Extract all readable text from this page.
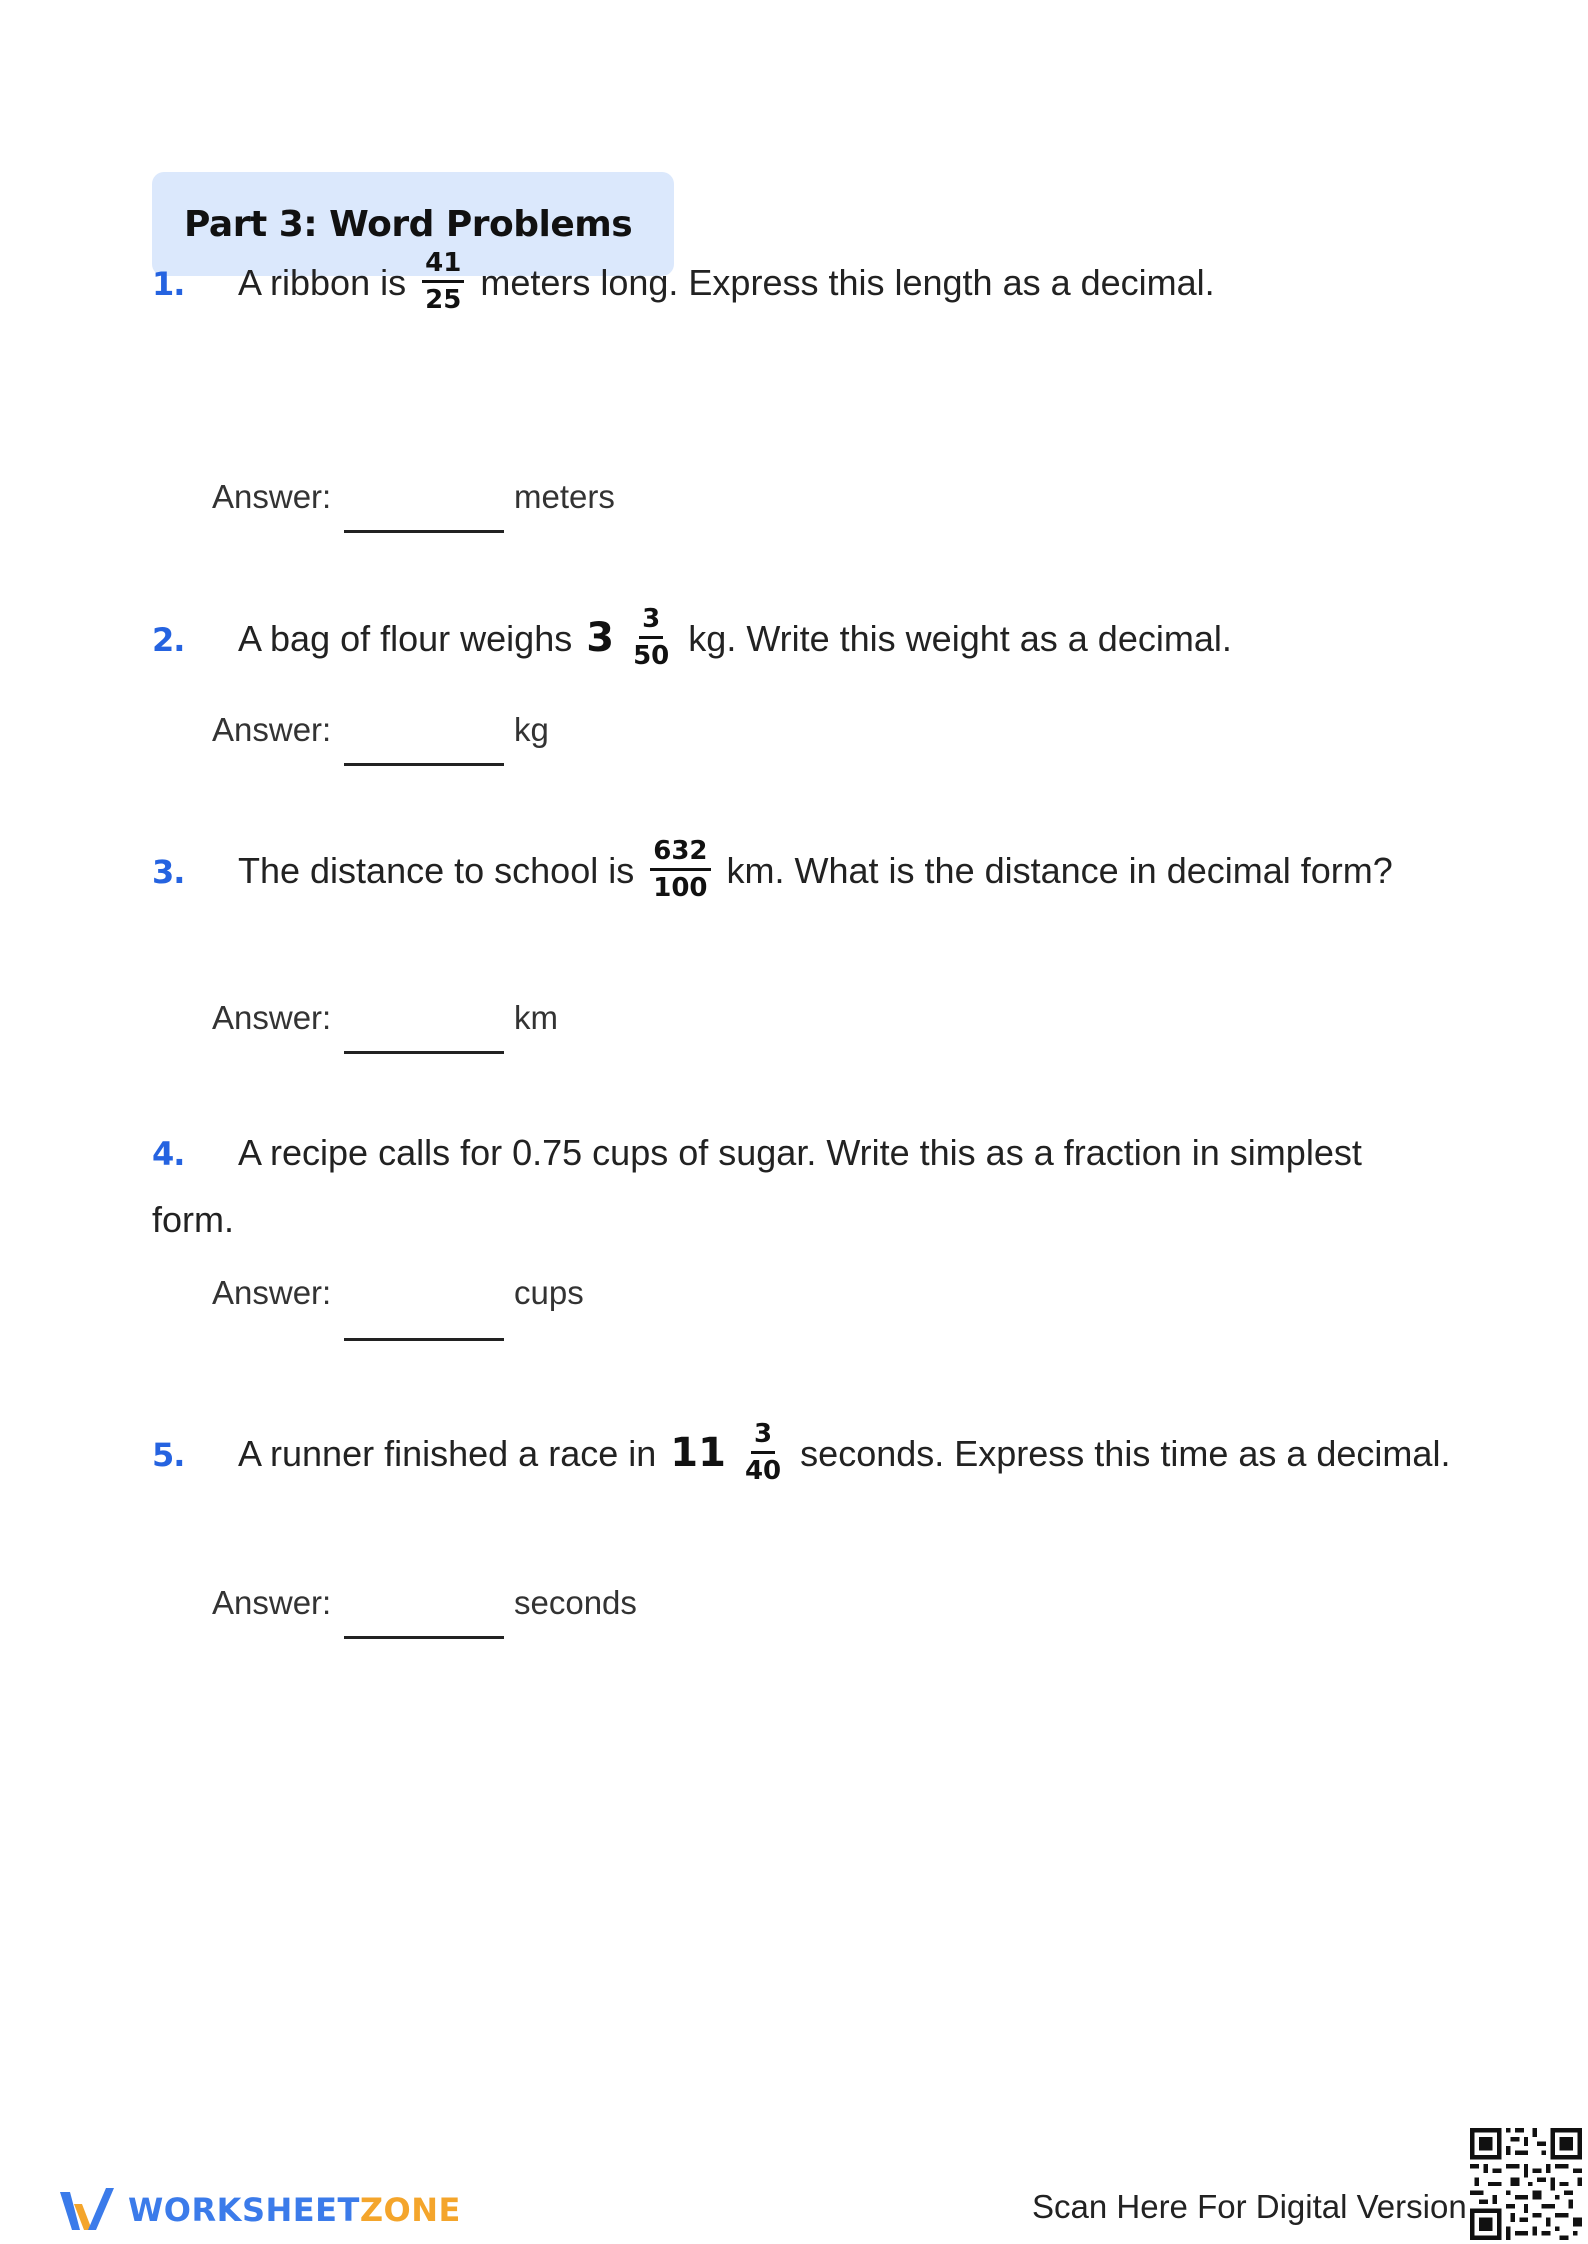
Part 3: Word Problems
1. A ribbon is $\frac{41}{25}$ meters long. Express this length as a decimal.
Answer:	meters
2. A bag of flour weighs $3 \frac{3}{50}$ kg. Write this weight as a decimal.
Answer:	kg
3. The distance to school is $\frac{632}{100}$ km. What is the distance in decimal form?
Answer:	km
4. A recipe calls for 0.75 cups of sugar. Write this as a fraction in simplest form.
Answer:	cups
5. A runner finished a race in $11 \frac{3}{40}$ seconds. Express this time as a decimal.
Answer:	seconds
WORKSHEETZONE	Scan Here For Digital Version
